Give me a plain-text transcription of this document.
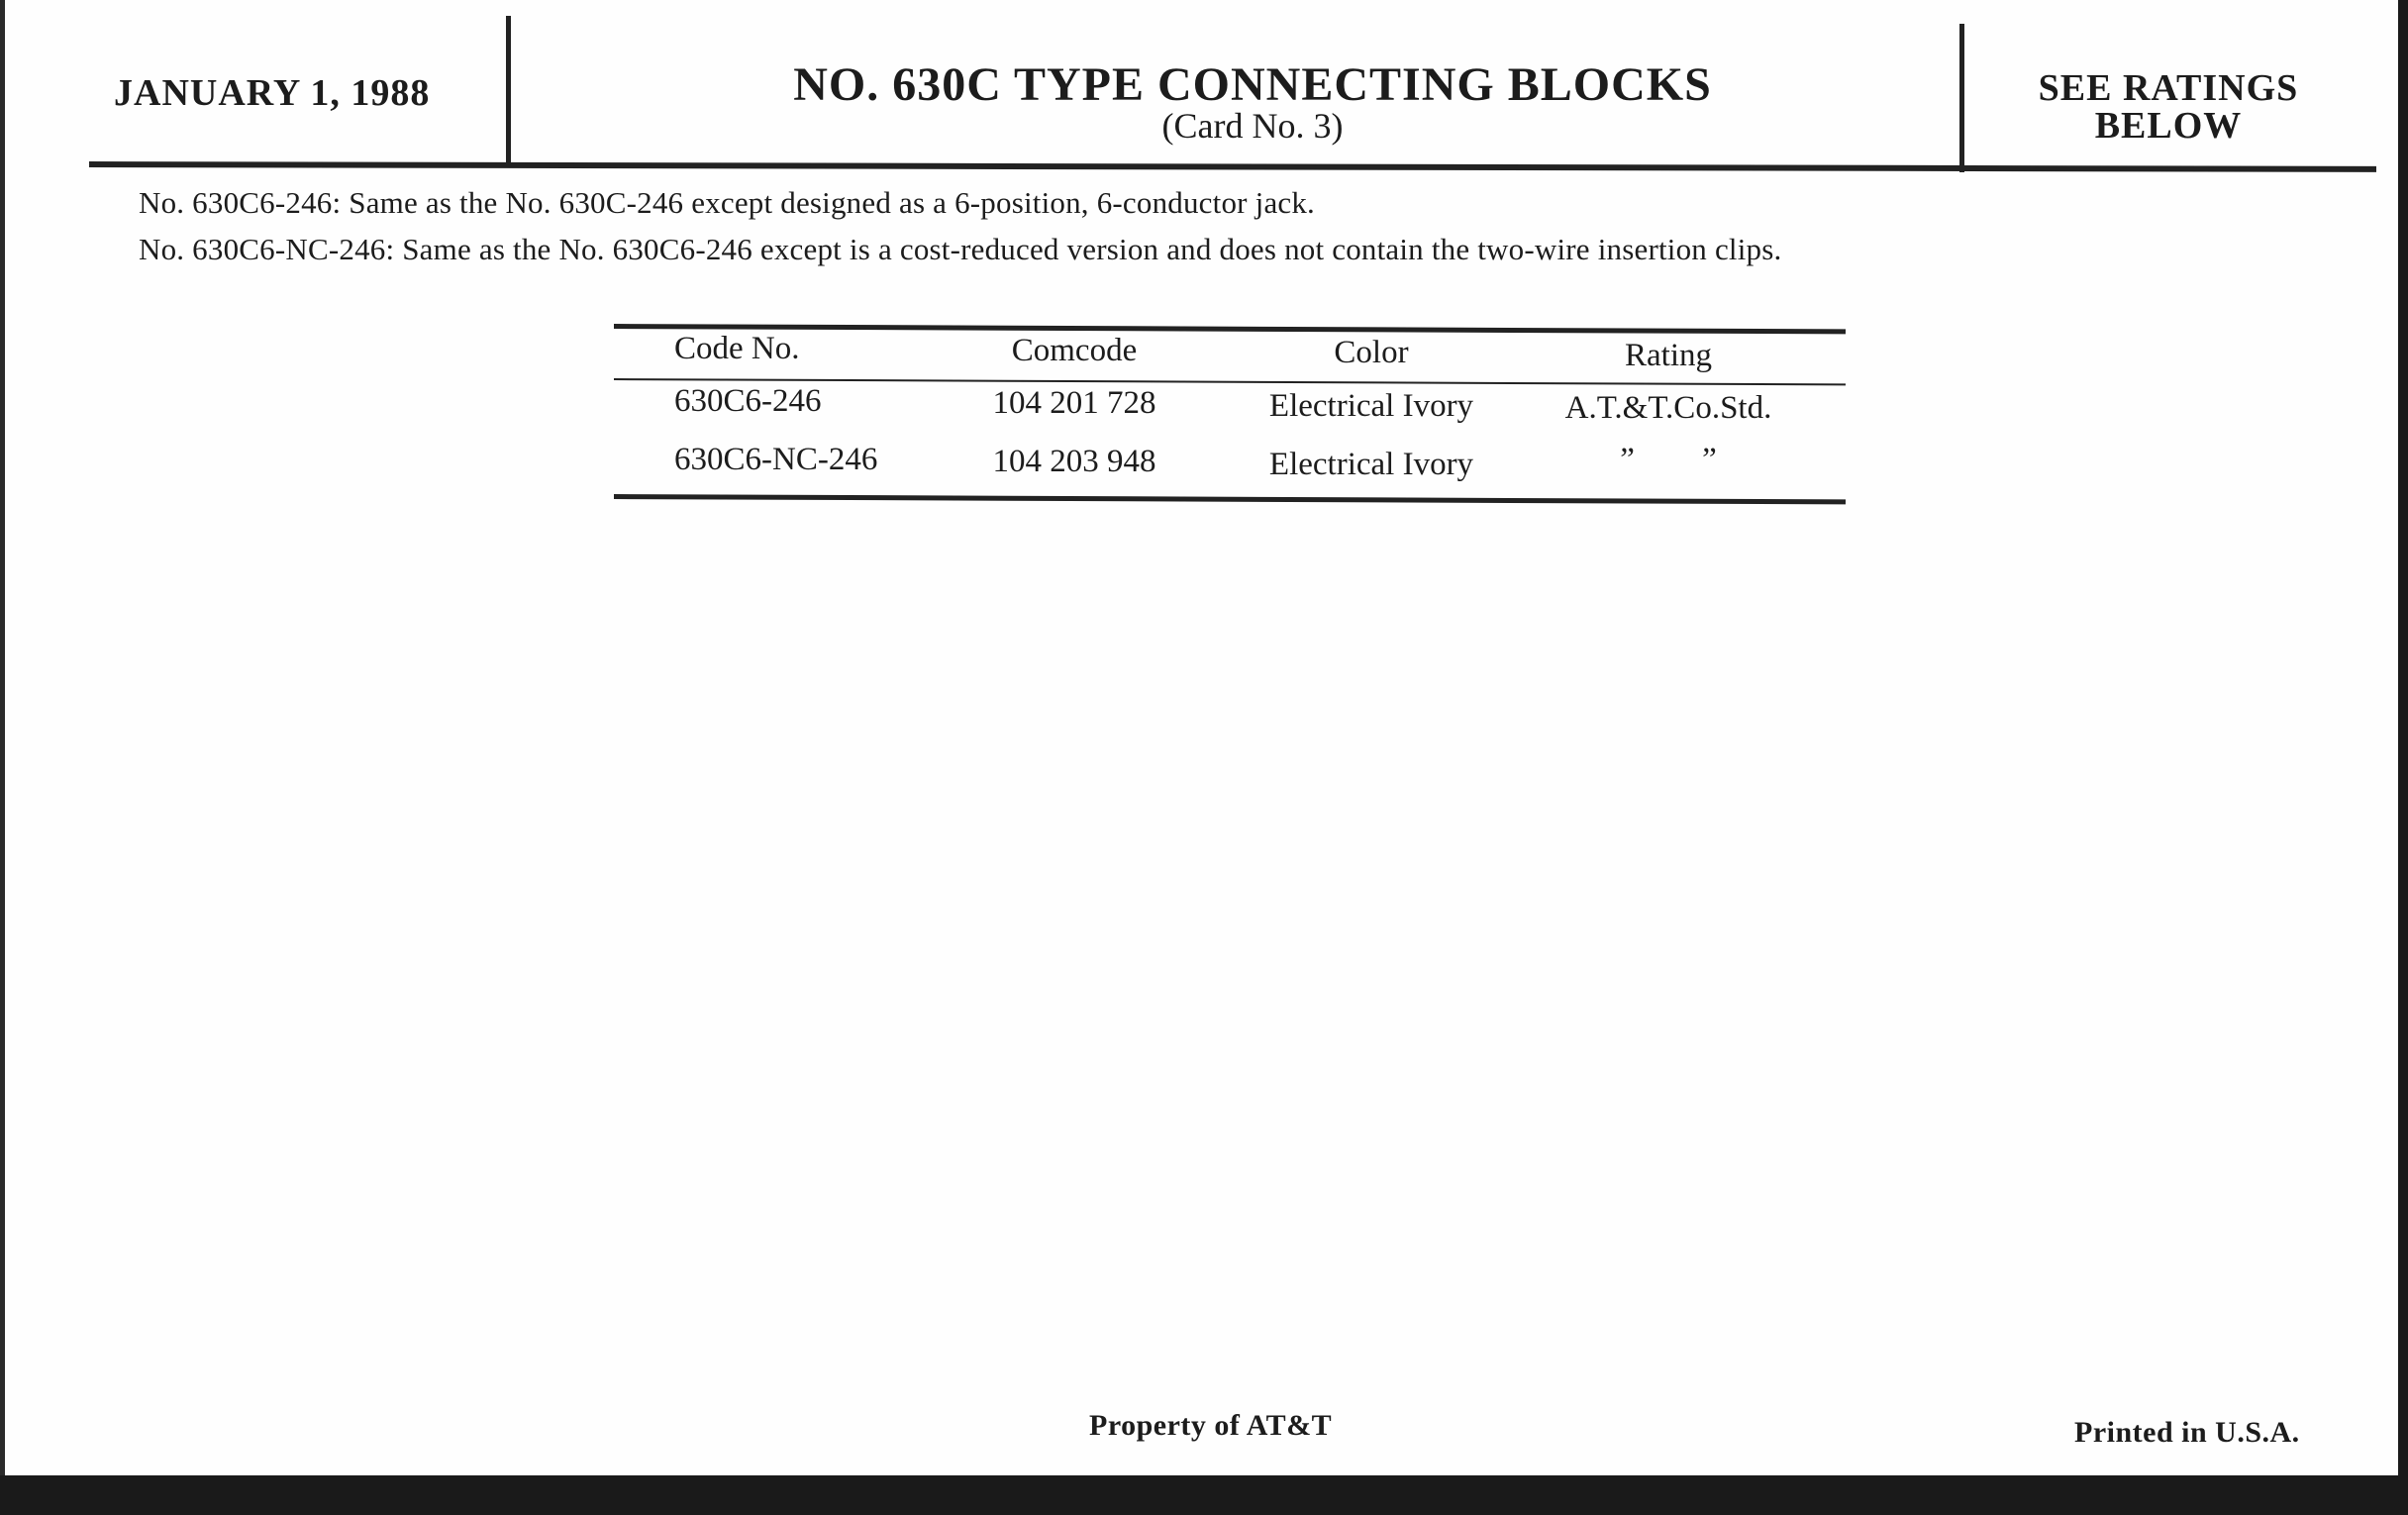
JANUARY 1, 1988	NO. 630C TYPE CONNECTING BLOCKS
(Card No. 3)
SEE RATINGS
BELOW
No. 630C6-246: Same as the No. 630C-246 except designed as a 6-position, 6-conductor jack.
No. 630C6-NC-246: Same as the No. 630C6-246 except is a cost-reduced version and does not contain the two-wire insertion clips.
Code No.	Comcode	Color	Rating
630C6-246	104 201 728	Electrical Ivory	A.T.&T.Co.Std.
630C6-NC-246	104 203 948	Electrical Ivory	” ”
Property of AT&T	Printed in U.S.A.
